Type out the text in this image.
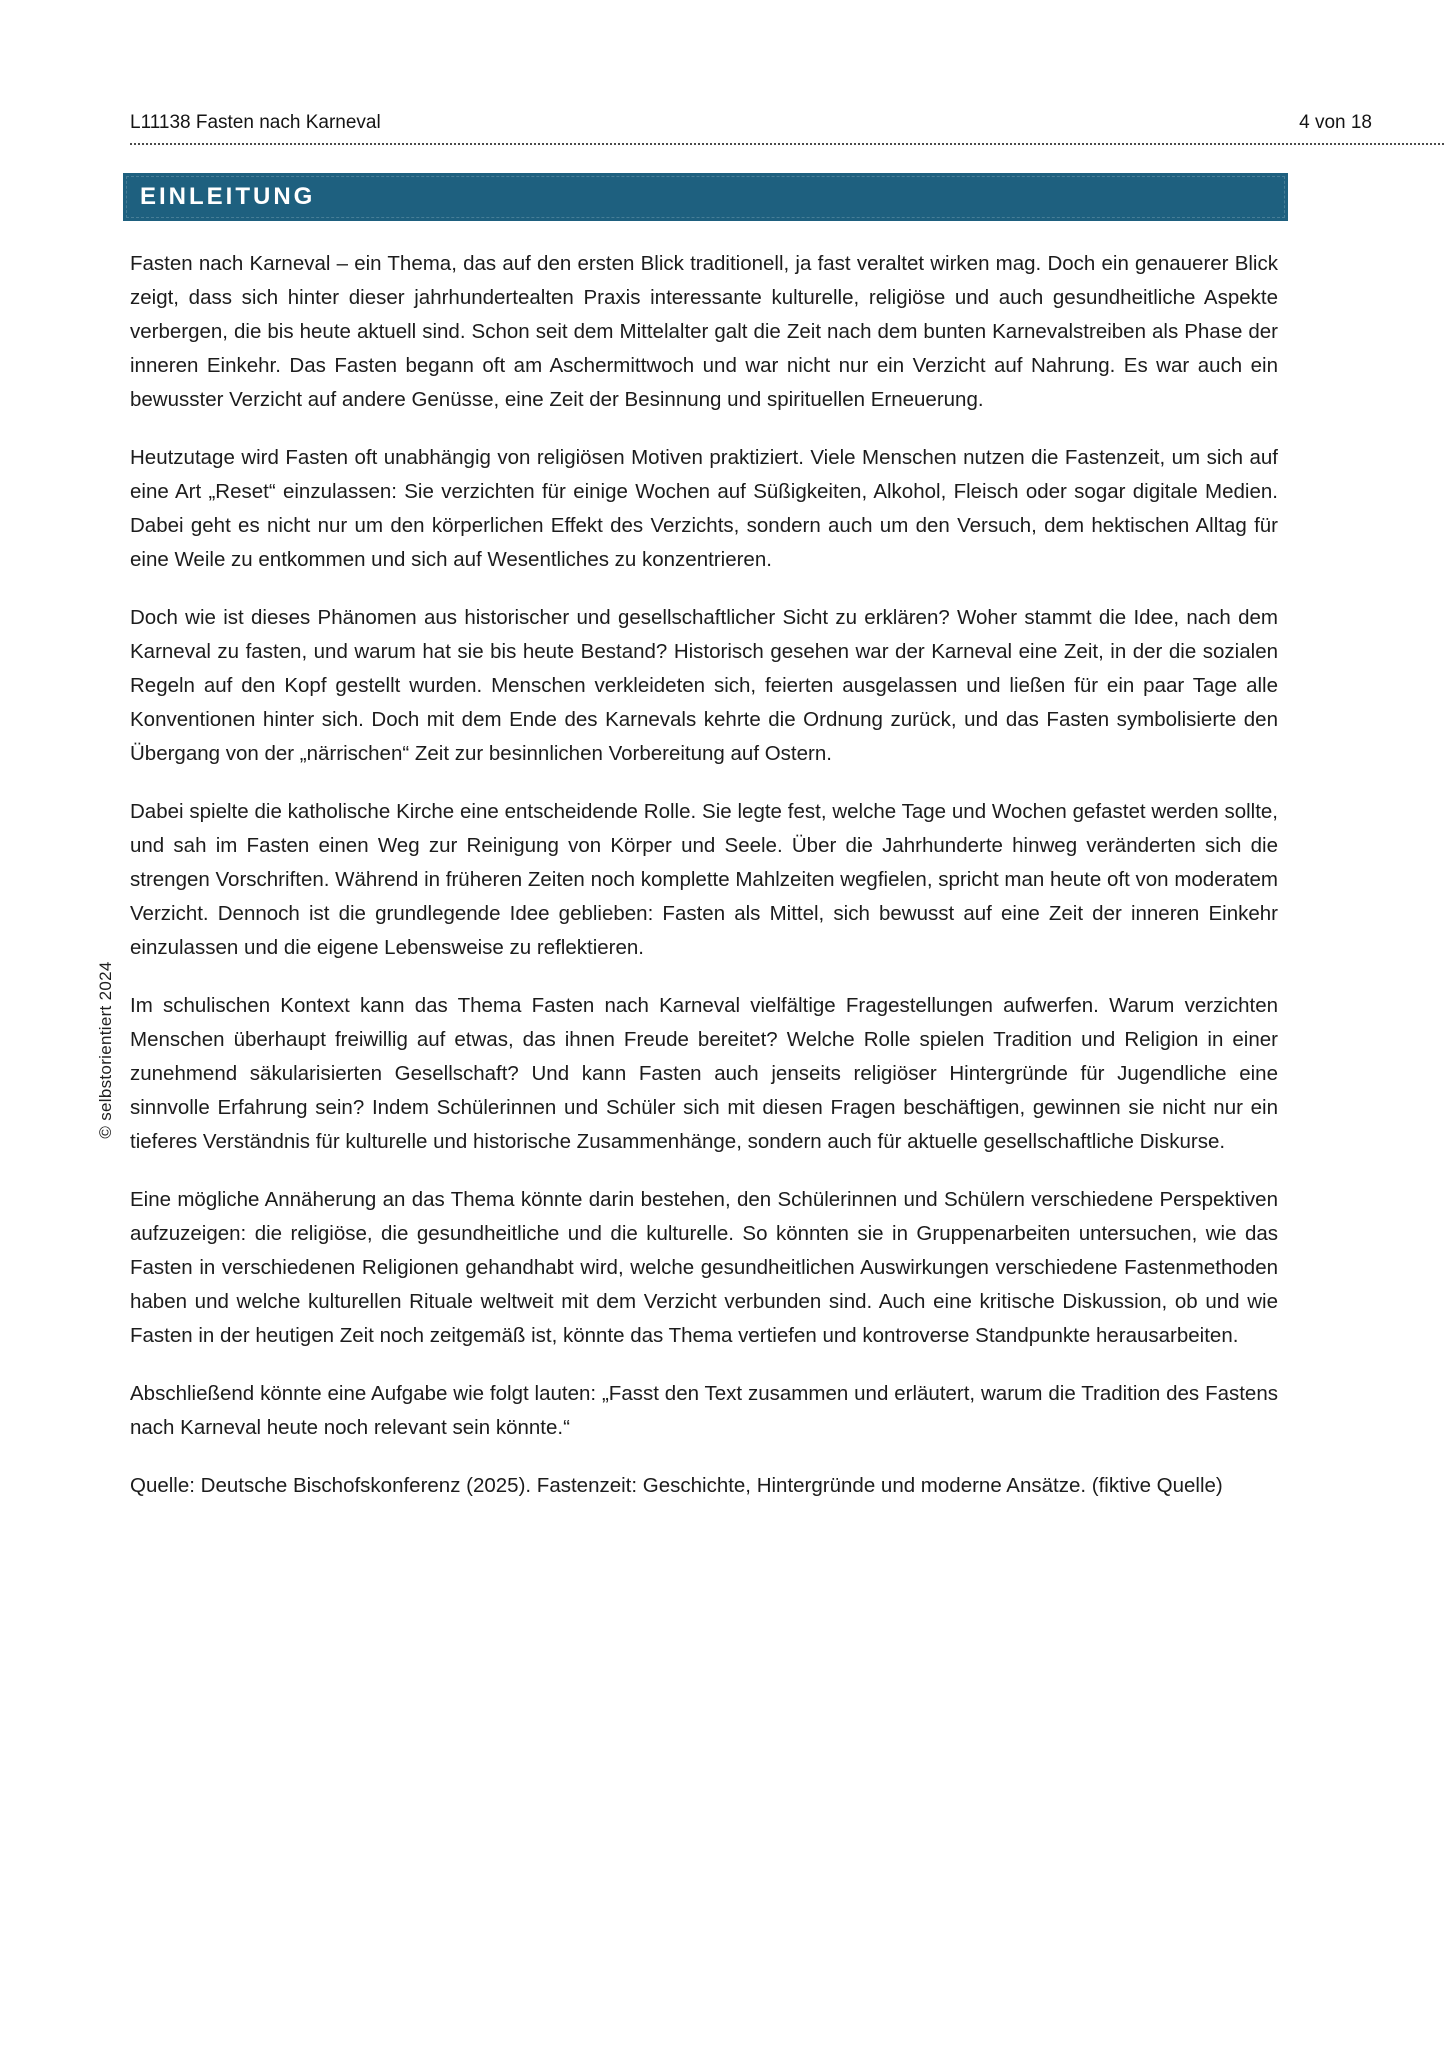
L11138 Fasten nach Karneval	4 von 18
EINLEITUNG

Fasten nach Karneval – ein Thema, das auf den ersten Blick traditionell, ja fast veraltet wirken mag. Doch ein genauerer Blick zeigt, dass sich hinter dieser jahrhundertealten Praxis interessante kulturelle, religiöse und auch gesundheitliche Aspekte verbergen, die bis heute aktuell sind. Schon seit dem Mittelalter galt die Zeit nach dem bunten Karnevalstreiben als Phase der inneren Einkehr. Das Fasten begann oft am Aschermittwoch und war nicht nur ein Verzicht auf Nahrung. Es war auch ein bewusster Verzicht auf andere Genüsse, eine Zeit der Besinnung und spirituellen Erneuerung.

Heutzutage wird Fasten oft unabhängig von religiösen Motiven praktiziert. Viele Menschen nutzen die Fastenzeit, um sich auf eine Art „Reset“ einzulassen: Sie verzichten für einige Wochen auf Süßigkeiten, Alkohol, Fleisch oder sogar digitale Medien. Dabei geht es nicht nur um den körperlichen Effekt des Verzichts, sondern auch um den Versuch, dem hektischen Alltag für eine Weile zu entkommen und sich auf Wesentliches zu konzentrieren.

Doch wie ist dieses Phänomen aus historischer und gesellschaftlicher Sicht zu erklären? Woher stammt die Idee, nach dem Karneval zu fasten, und warum hat sie bis heute Bestand? Historisch gesehen war der Karneval eine Zeit, in der die sozialen Regeln auf den Kopf gestellt wurden. Menschen verkleideten sich, feierten ausgelassen und ließen für ein paar Tage alle Konventionen hinter sich. Doch mit dem Ende des Karnevals kehrte die Ordnung zurück, und das Fasten symbolisierte den Übergang von der „närrischen“ Zeit zur besinnlichen Vorbereitung auf Ostern.

Dabei spielte die katholische Kirche eine entscheidende Rolle. Sie legte fest, welche Tage und Wochen gefastet werden sollte, und sah im Fasten einen Weg zur Reinigung von Körper und Seele. Über die Jahrhunderte hinweg veränderten sich die strengen Vorschriften. Während in früheren Zeiten noch komplette Mahlzeiten wegfielen, spricht man heute oft von moderatem Verzicht. Dennoch ist die grundlegende Idee geblieben: Fasten als Mittel, sich bewusst auf eine Zeit der inneren Einkehr einzulassen und die eigene Lebensweise zu reflektieren.

Im schulischen Kontext kann das Thema Fasten nach Karneval vielfältige Fragestellungen aufwerfen. Warum verzichten Menschen überhaupt freiwillig auf etwas, das ihnen Freude bereitet? Welche Rolle spielen Tradition und Religion in einer zunehmend säkularisierten Gesellschaft? Und kann Fasten auch jenseits religiöser Hintergründe für Jugendliche eine sinnvolle Erfahrung sein? Indem Schülerinnen und Schüler sich mit diesen Fragen beschäftigen, gewinnen sie nicht nur ein tieferes Verständnis für kulturelle und historische Zusammenhänge, sondern auch für aktuelle gesellschaftliche Diskurse.

Eine mögliche Annäherung an das Thema könnte darin bestehen, den Schülerinnen und Schülern verschiedene Perspektiven aufzuzeigen: die religiöse, die gesundheitliche und die kulturelle. So könnten sie in Gruppenarbeiten untersuchen, wie das Fasten in verschiedenen Religionen gehandhabt wird, welche gesundheitlichen Auswirkungen verschiedene Fastenmethoden haben und welche kulturellen Rituale weltweit mit dem Verzicht verbunden sind. Auch eine kritische Diskussion, ob und wie Fasten in der heutigen Zeit noch zeitgemäß ist, könnte das Thema vertiefen und kontroverse Standpunkte herausarbeiten.

Abschließend könnte eine Aufgabe wie folgt lauten: „Fasst den Text zusammen und erläutert, warum die Tradition des Fastens nach Karneval heute noch relevant sein könnte.“

Quelle: Deutsche Bischofskonferenz (2025). Fastenzeit: Geschichte, Hintergründe und moderne Ansätze. (fiktive Quelle)

© selbstorientiert 2024
